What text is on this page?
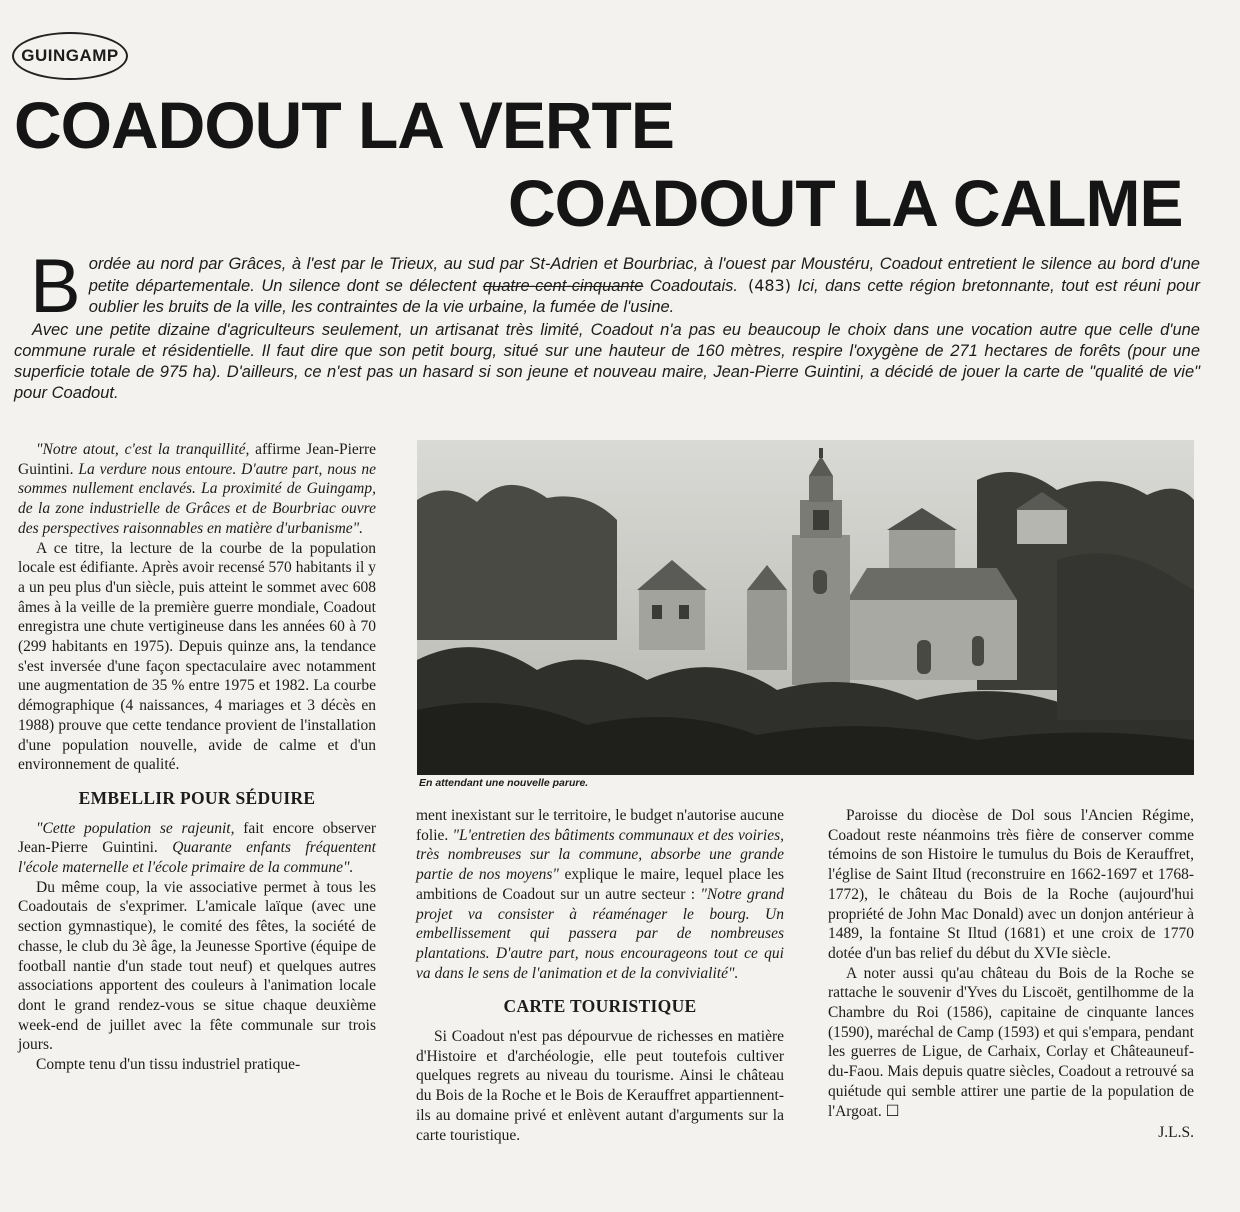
GUINGAMP
COADOUT LA VERTE
COADOUT LA CALME

Bordée au nord par Grâces, à l'est par le Trieux, au sud par St-Adrien et Bourbriac, à l'ouest par Moustéru, Coadout entretient le silence au bord d'une petite départementale. Un silence dont se délectent quatre-cent-cinquante Coadoutais. (483) Ici, dans cette région bretonnante, tout est réuni pour oublier les bruits de la ville, les contraintes de la vie urbaine, la fumée de l'usine.

Avec une petite dizaine d'agriculteurs seulement, un artisanat très limité, Coadout n'a pas eu beaucoup le choix dans une vocation autre que celle d'une commune rurale et résidentielle. Il faut dire que son petit bourg, situé sur une hauteur de 160 mètres, respire l'oxygène de 271 hectares de forêts (pour une superficie totale de 975 ha). D'ailleurs, ce n'est pas un hasard si son jeune et nouveau maire, Jean-Pierre Guintini, a décidé de jouer la carte de "qualité de vie" pour Coadout.

"Notre atout, c'est la tranquillité, affirme Jean-Pierre Guintini. La verdure nous entoure. D'autre part, nous ne sommes nullement enclavés. La proximité de Guingamp, de la zone industrielle de Grâces et de Bourbriac ouvre des perspectives raisonnables en matière d'urbanisme".

A ce titre, la lecture de la courbe de la population locale est édifiante. Après avoir recensé 570 habitants il y a un peu plus d'un siècle, puis atteint le sommet avec 608 âmes à la veille de la première guerre mondiale, Coadout enregistra une chute vertigineuse dans les années 60 à 70 (299 habitants en 1975). Depuis quinze ans, la tendance s'est inversée d'une façon spectaculaire avec notamment une augmentation de 35 % entre 1975 et 1982. La courbe démographique (4 naissances, 4 mariages et 3 décès en 1988) prouve que cette tendance provient de l'installation d'une population nouvelle, avide de calme et d'un environnement de qualité.

EMBELLIR POUR SÉDUIRE

"Cette population se rajeunit, fait encore observer Jean-Pierre Guintini. Quarante enfants fréquentent l'école maternelle et l'école primaire de la commune".

Du même coup, la vie associative permet à tous les Coadoutais de s'exprimer. L'amicale laïque (avec une section gymnastique), le comité des fêtes, la société de chasse, le club du 3è âge, la Jeunesse Sportive (équipe de football nantie d'un stade tout neuf) et quelques autres associations apportent des couleurs à l'animation locale dont le grand rendez-vous se situe chaque deuxième week-end de juillet avec la fête communale sur trois jours.

Compte tenu d'un tissu industriel pratique-

En attendant une nouvelle parure.

ment inexistant sur le territoire, le budget n'autorise aucune folie. "L'entretien des bâtiments communaux et des voiries, très nombreuses sur la commune, absorbe une grande partie de nos moyens" explique le maire, lequel place les ambitions de Coadout sur un autre secteur : "Notre grand projet va consister à réaménager le bourg. Un embellissement qui passera par de nombreuses plantations. D'autre part, nous encourageons tout ce qui va dans le sens de l'animation et de la convivialité".

CARTE TOURISTIQUE

Si Coadout n'est pas dépourvue de richesses en matière d'Histoire et d'archéologie, elle peut toutefois cultiver quelques regrets au niveau du tourisme. Ainsi le château du Bois de la Roche et le Bois de Kerauffret appartiennent-ils au domaine privé et enlèvent autant d'arguments sur la carte touristique.

Paroisse du diocèse de Dol sous l'Ancien Régime, Coadout reste néanmoins très fière de conserver comme témoins de son Histoire le tumulus du Bois de Kerauffret, l'église de Saint Iltud (reconstruire en 1662-1697 et 1768-1772), le château du Bois de la Roche (aujourd'hui propriété de John Mac Donald) avec un donjon antérieur à 1489, la fontaine St Iltud (1681) et une croix de 1770 dotée d'un bas relief du début du XVIe siècle.

A noter aussi qu'au château du Bois de la Roche se rattache le souvenir d'Yves du Liscoët, gentilhomme de la Chambre du Roi (1586), capitaine de cinquante lances (1590), maréchal de Camp (1593) et qui s'empara, pendant les guerres de Ligue, de Carhaix, Corlay et Châteauneuf-du-Faou. Mais depuis quatre siècles, Coadout a retrouvé sa quiétude qui semble attirer une partie de la population de l'Argoat. ☐

J.L.S.
